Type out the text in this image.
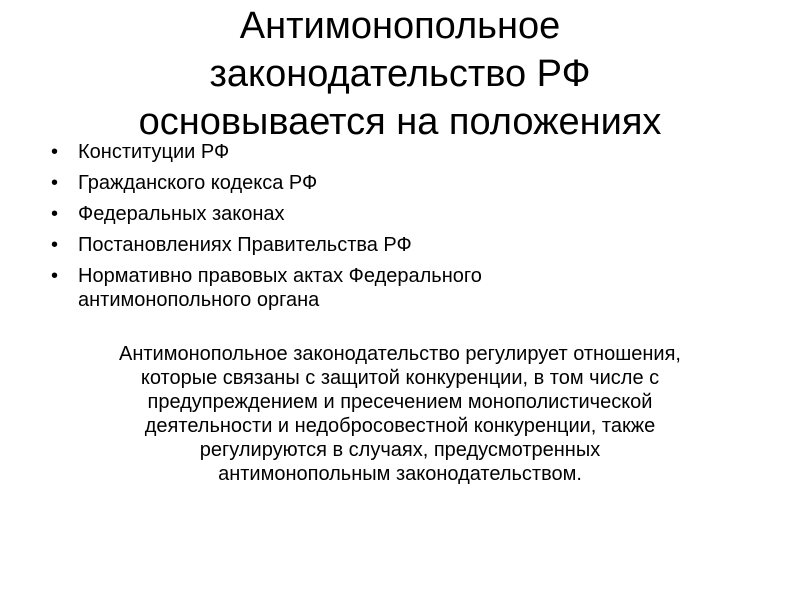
Антимонопольное
законодательство РФ
основывается на положениях
• Конституции РФ
• Гражданского кодекса РФ
• Федеральных законах
• Постановлениях Правительства РФ
• Нормативно правовых актах Федерального
антимонопольного органа

Антимонопольное законодательство регулирует отношения,
которые связаны с защитой конкуренции, в том числе с
предупреждением и пресечением монополистической
деятельности и недобросовестной конкуренции, также
регулируются в случаях, предусмотренных
антимонопольным законодательством.
